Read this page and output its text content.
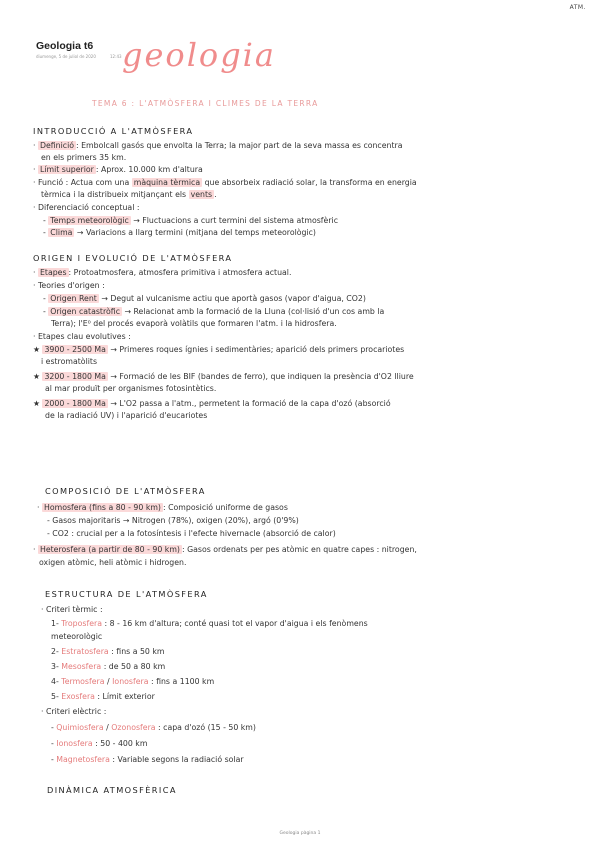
ATM.
Geologia t6
diumenge, 5 de juliol de 2020	12:43 geologia
TEMA 6 : L'ATMÒSFERA I CLIMES DE LA TERRA
INTRODUCCIÓ A L'ATMÒSFERA
· Definició : Embolcall gasós que envolta la Terra; la major part de la seva massa es concentra
en els primers 35 km.
· Límit superior : Aprox. 10.000 km d'altura
· Funció : Actua com una màquina tèrmica que absorbeix radiació solar, la transforma en energia
tèrmica i la distribueix mitjançant els vents .
· Diferenciació conceptual :
- Temps meteorològic → Fluctuacions a curt termini del sistema atmosfèric
- Clima → Variacions a llarg termini (mitjana del temps meteorològic)
ORIGEN I EVOLUCIÓ DE L'ATMÒSFERA
· Etapes : Protoatmosfera, atmosfera primitiva i atmosfera actual.
· Teories d'origen :
- Origen Rent → Degut al vulcanisme actiu que aportà gasos (vapor d'aigua, CO2)
- Origen catastròfic → Relacionat amb la formació de la Lluna (col·lisió d'un cos amb la
Terra); l'E⁰ del procés evaporà volàtils que formaren l'atm. i la hidrosfera.
· Etapes clau evolutives :
★ 3900 - 2500 Ma → Primeres roques ígnies i sedimentàries; aparició dels primers procariotes
i estromatòlits
★ 3200 - 1800 Ma → Formació de les BIF (bandes de ferro), que indiquen la presència d'O2 lliure
al mar produït per organismes fotosintètics.
★ 2000 - 1800 Ma → L'O2 passa a l'atm., permetent la formació de la capa d'ozó (absorció
de la radiació UV) i l'aparició d'eucariotes
COMPOSICIÓ DE L'ATMÒSFERA
· Homosfera (fins a 80 - 90 km) : Composició uniforme de gasos
- Gasos majoritaris → Nitrogen (78%), oxigen (20%), argó (0'9%)
- CO2 : crucial per a la fotosíntesis i l'efecte hivernacle (absorció de calor)
· Heterosfera (a partir de 80 - 90 km) : Gasos ordenats per pes atòmic en quatre capes : nitrogen,
oxigen atòmic, heli atòmic i hidrogen.
ESTRUCTURA DE L'ATMÒSFERA
· Criteri tèrmic :
1- Troposfera : 8 - 16 km d'altura; conté quasi tot el vapor d'aigua i els fenòmens
meteorològic
2- Estratosfera : fins a 50 km
3- Mesosfera : de 50 a 80 km
4- Termosfera / Ionosfera : fins a 1100 km
5- Exosfera : Límit exterior
· Criteri elèctric :
- Quimiosfera / Ozonosfera : capa d'ozó (15 - 50 km)
- Ionosfera : 50 - 400 km
- Magnetosfera : Variable segons la radiació solar
DINÀMICA ATMOSFÈRICA
Geologia pàgina 1
